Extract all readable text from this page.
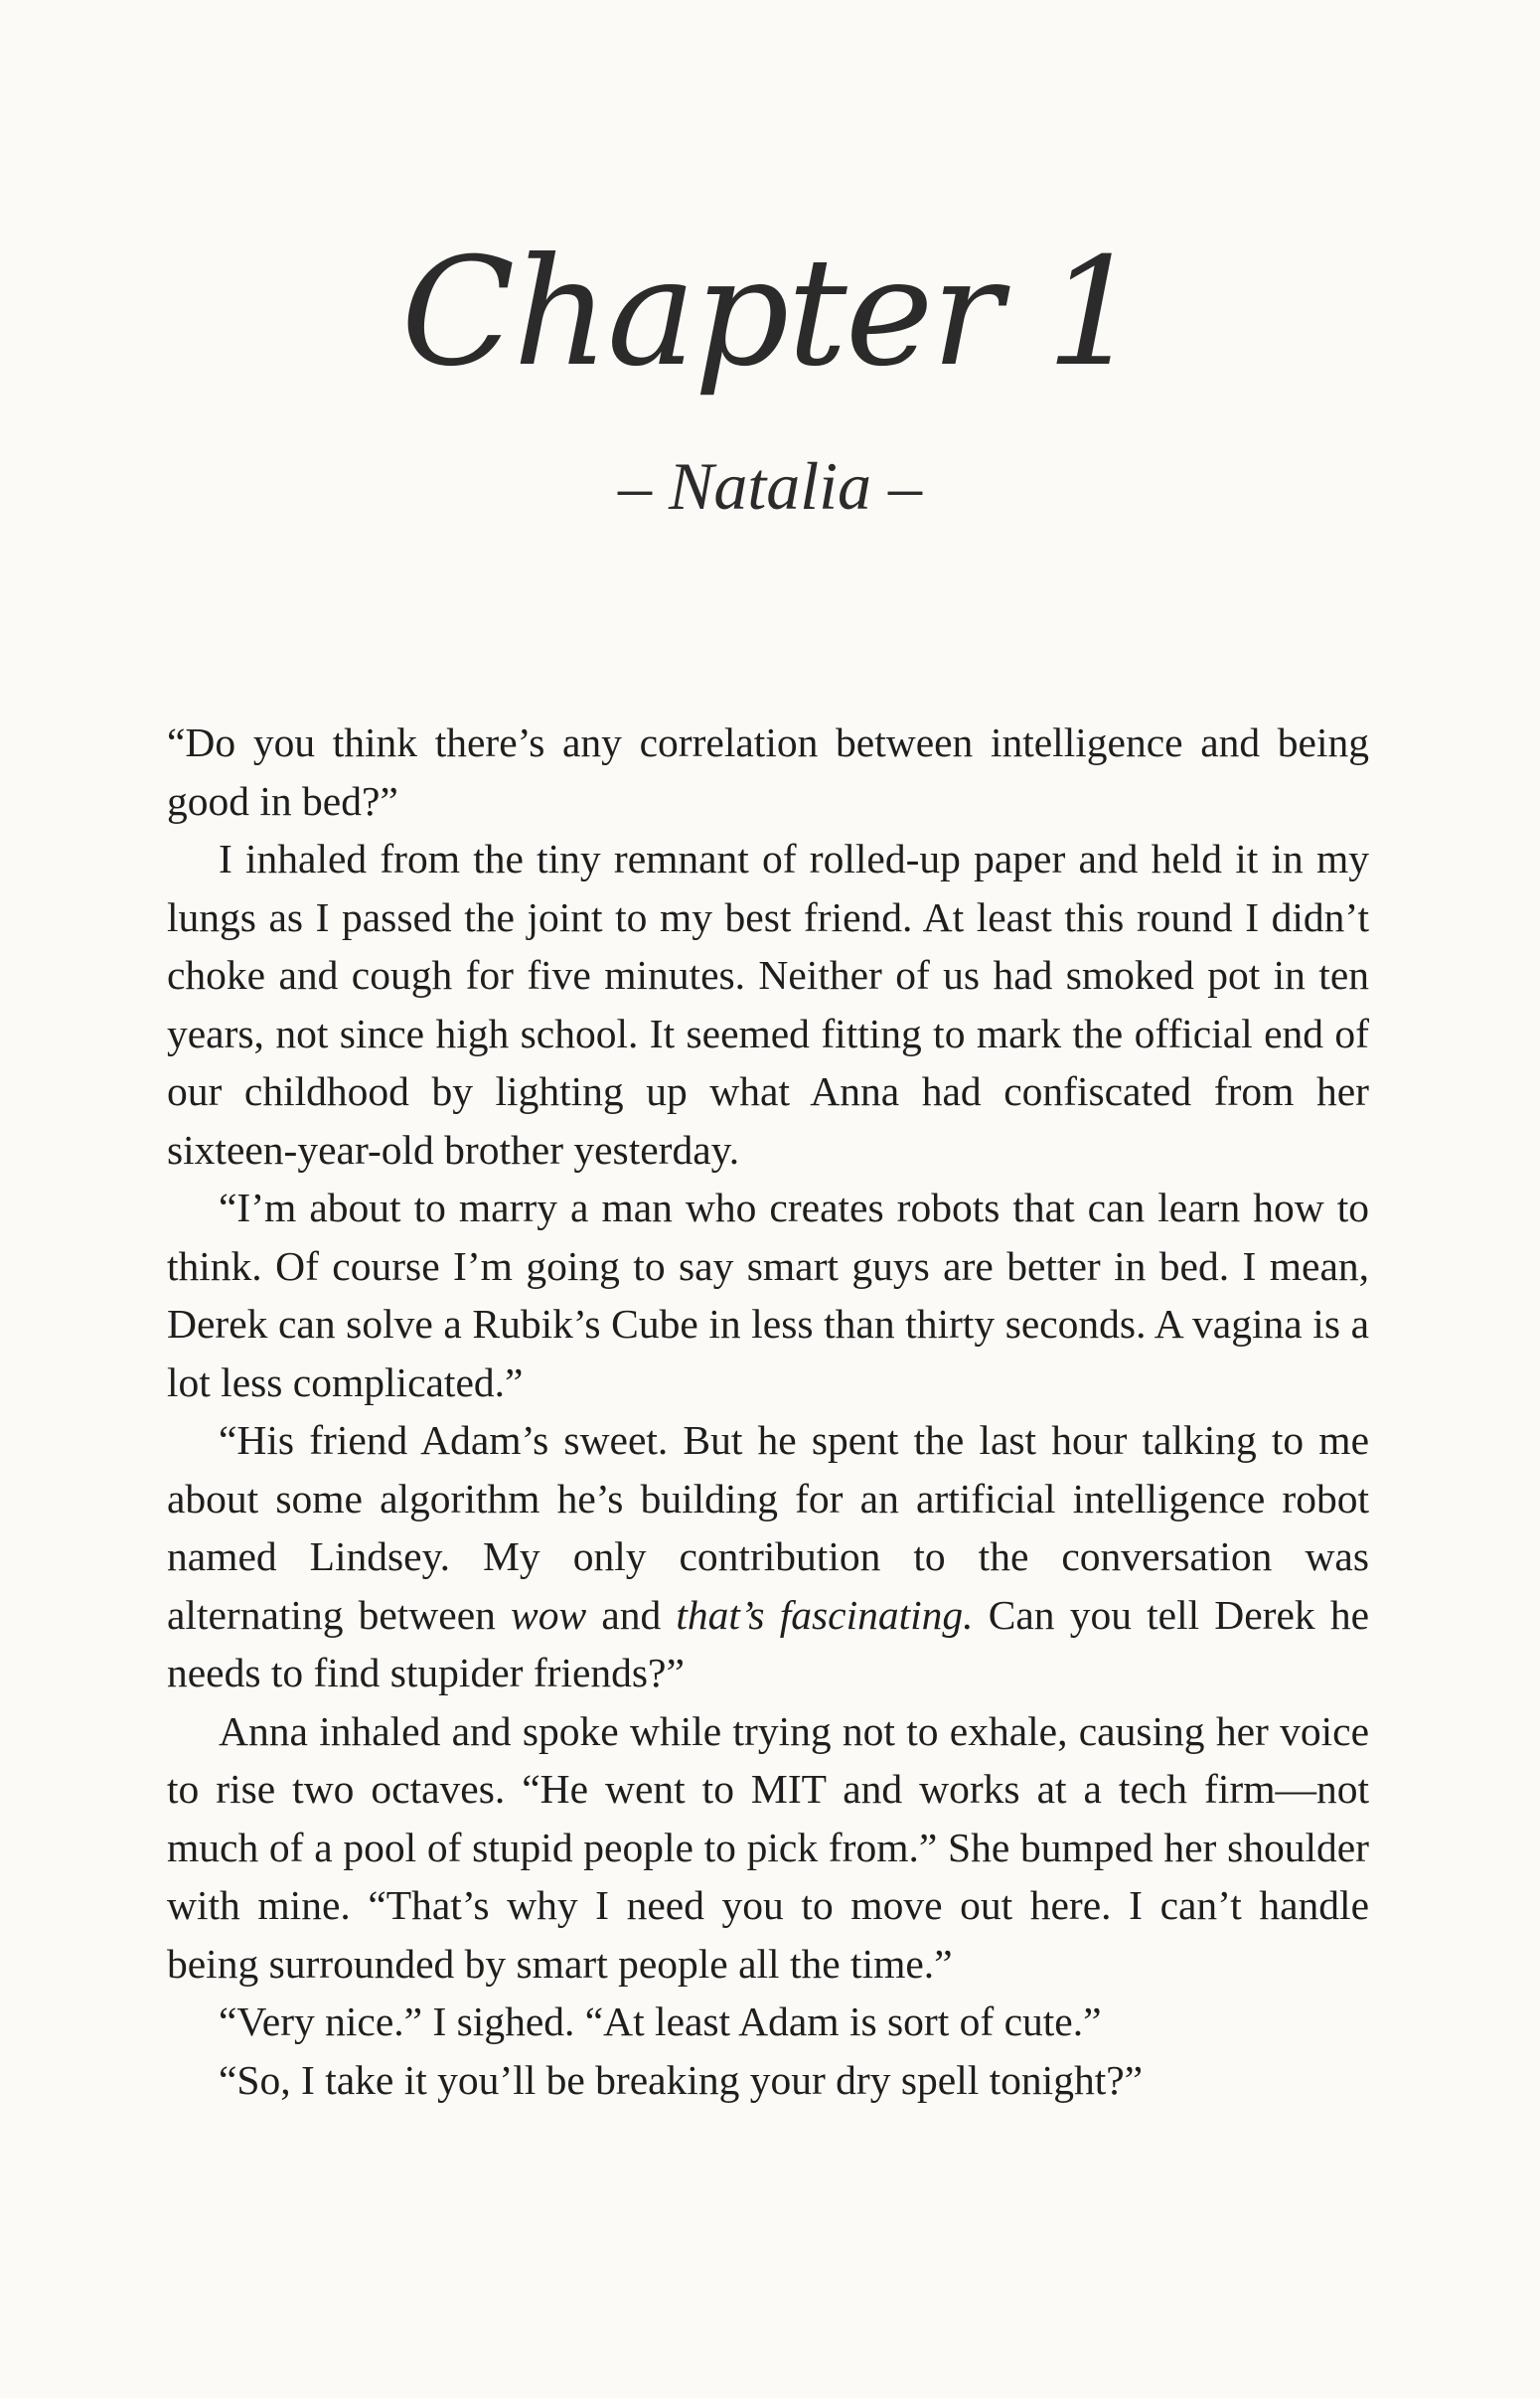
Chapter 1
– Natalia –

“Do you think there’s any correlation between intelligence and being good in bed?”

I inhaled from the tiny remnant of rolled-up paper and held it in my lungs as I passed the joint to my best friend. At least this round I didn’t choke and cough for five minutes. Neither of us had smoked pot in ten years, not since high school. It seemed fitting to mark the official end of our childhood by lighting up what Anna had confiscated from her sixteen-year-old brother yesterday.

“I’m about to marry a man who creates robots that can learn how to think. Of course I’m going to say smart guys are better in bed. I mean, Derek can solve a Rubik’s Cube in less than thirty seconds. A vagina is a lot less complicated.”

“His friend Adam’s sweet. But he spent the last hour talking to me about some algorithm he’s building for an artificial intelligence robot named Lindsey. My only contribution to the conversation was alternating between wow and that’s fascinating. Can you tell Derek he needs to find stupider friends?”

Anna inhaled and spoke while trying not to exhale, causing her voice to rise two octaves. “He went to MIT and works at a tech firm—not much of a pool of stupid people to pick from.” She bumped her shoulder with mine. “That’s why I need you to move out here. I can’t handle being surrounded by smart people all the time.”

“Very nice.” I sighed. “At least Adam is sort of cute.”

“So, I take it you’ll be breaking your dry spell tonight?”
